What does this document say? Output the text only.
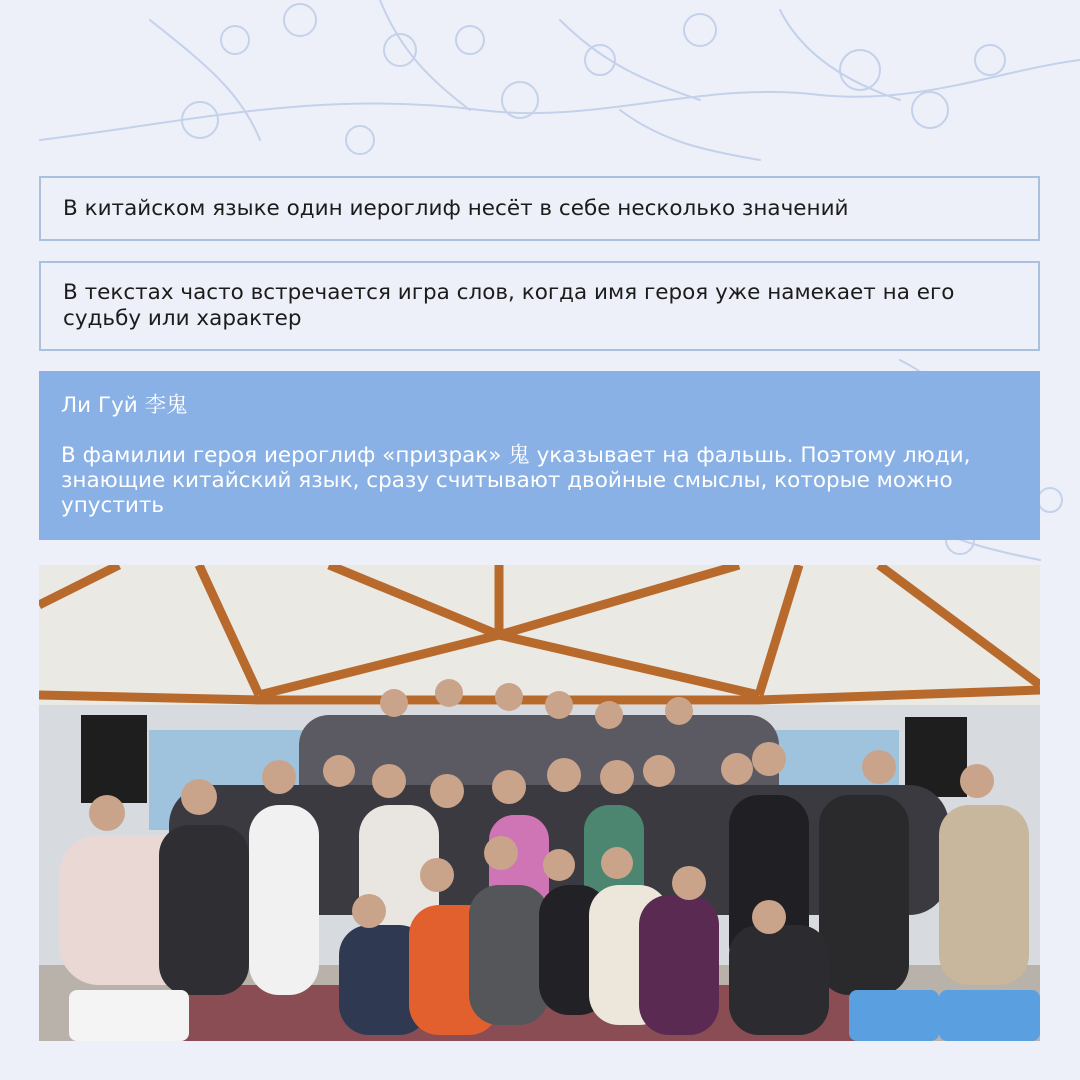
В китайском языке один иероглиф несёт в себе несколько значений
В текстах часто встречается игра слов, когда имя героя уже намекает на его судьбу или характер
Ли Гуй 李鬼
В фамилии героя иероглиф «призрак» 鬼 указывает на фальшь. Поэтому люди, знающие китайский язык, сразу считывают двойные смыслы, которые можно упустить
